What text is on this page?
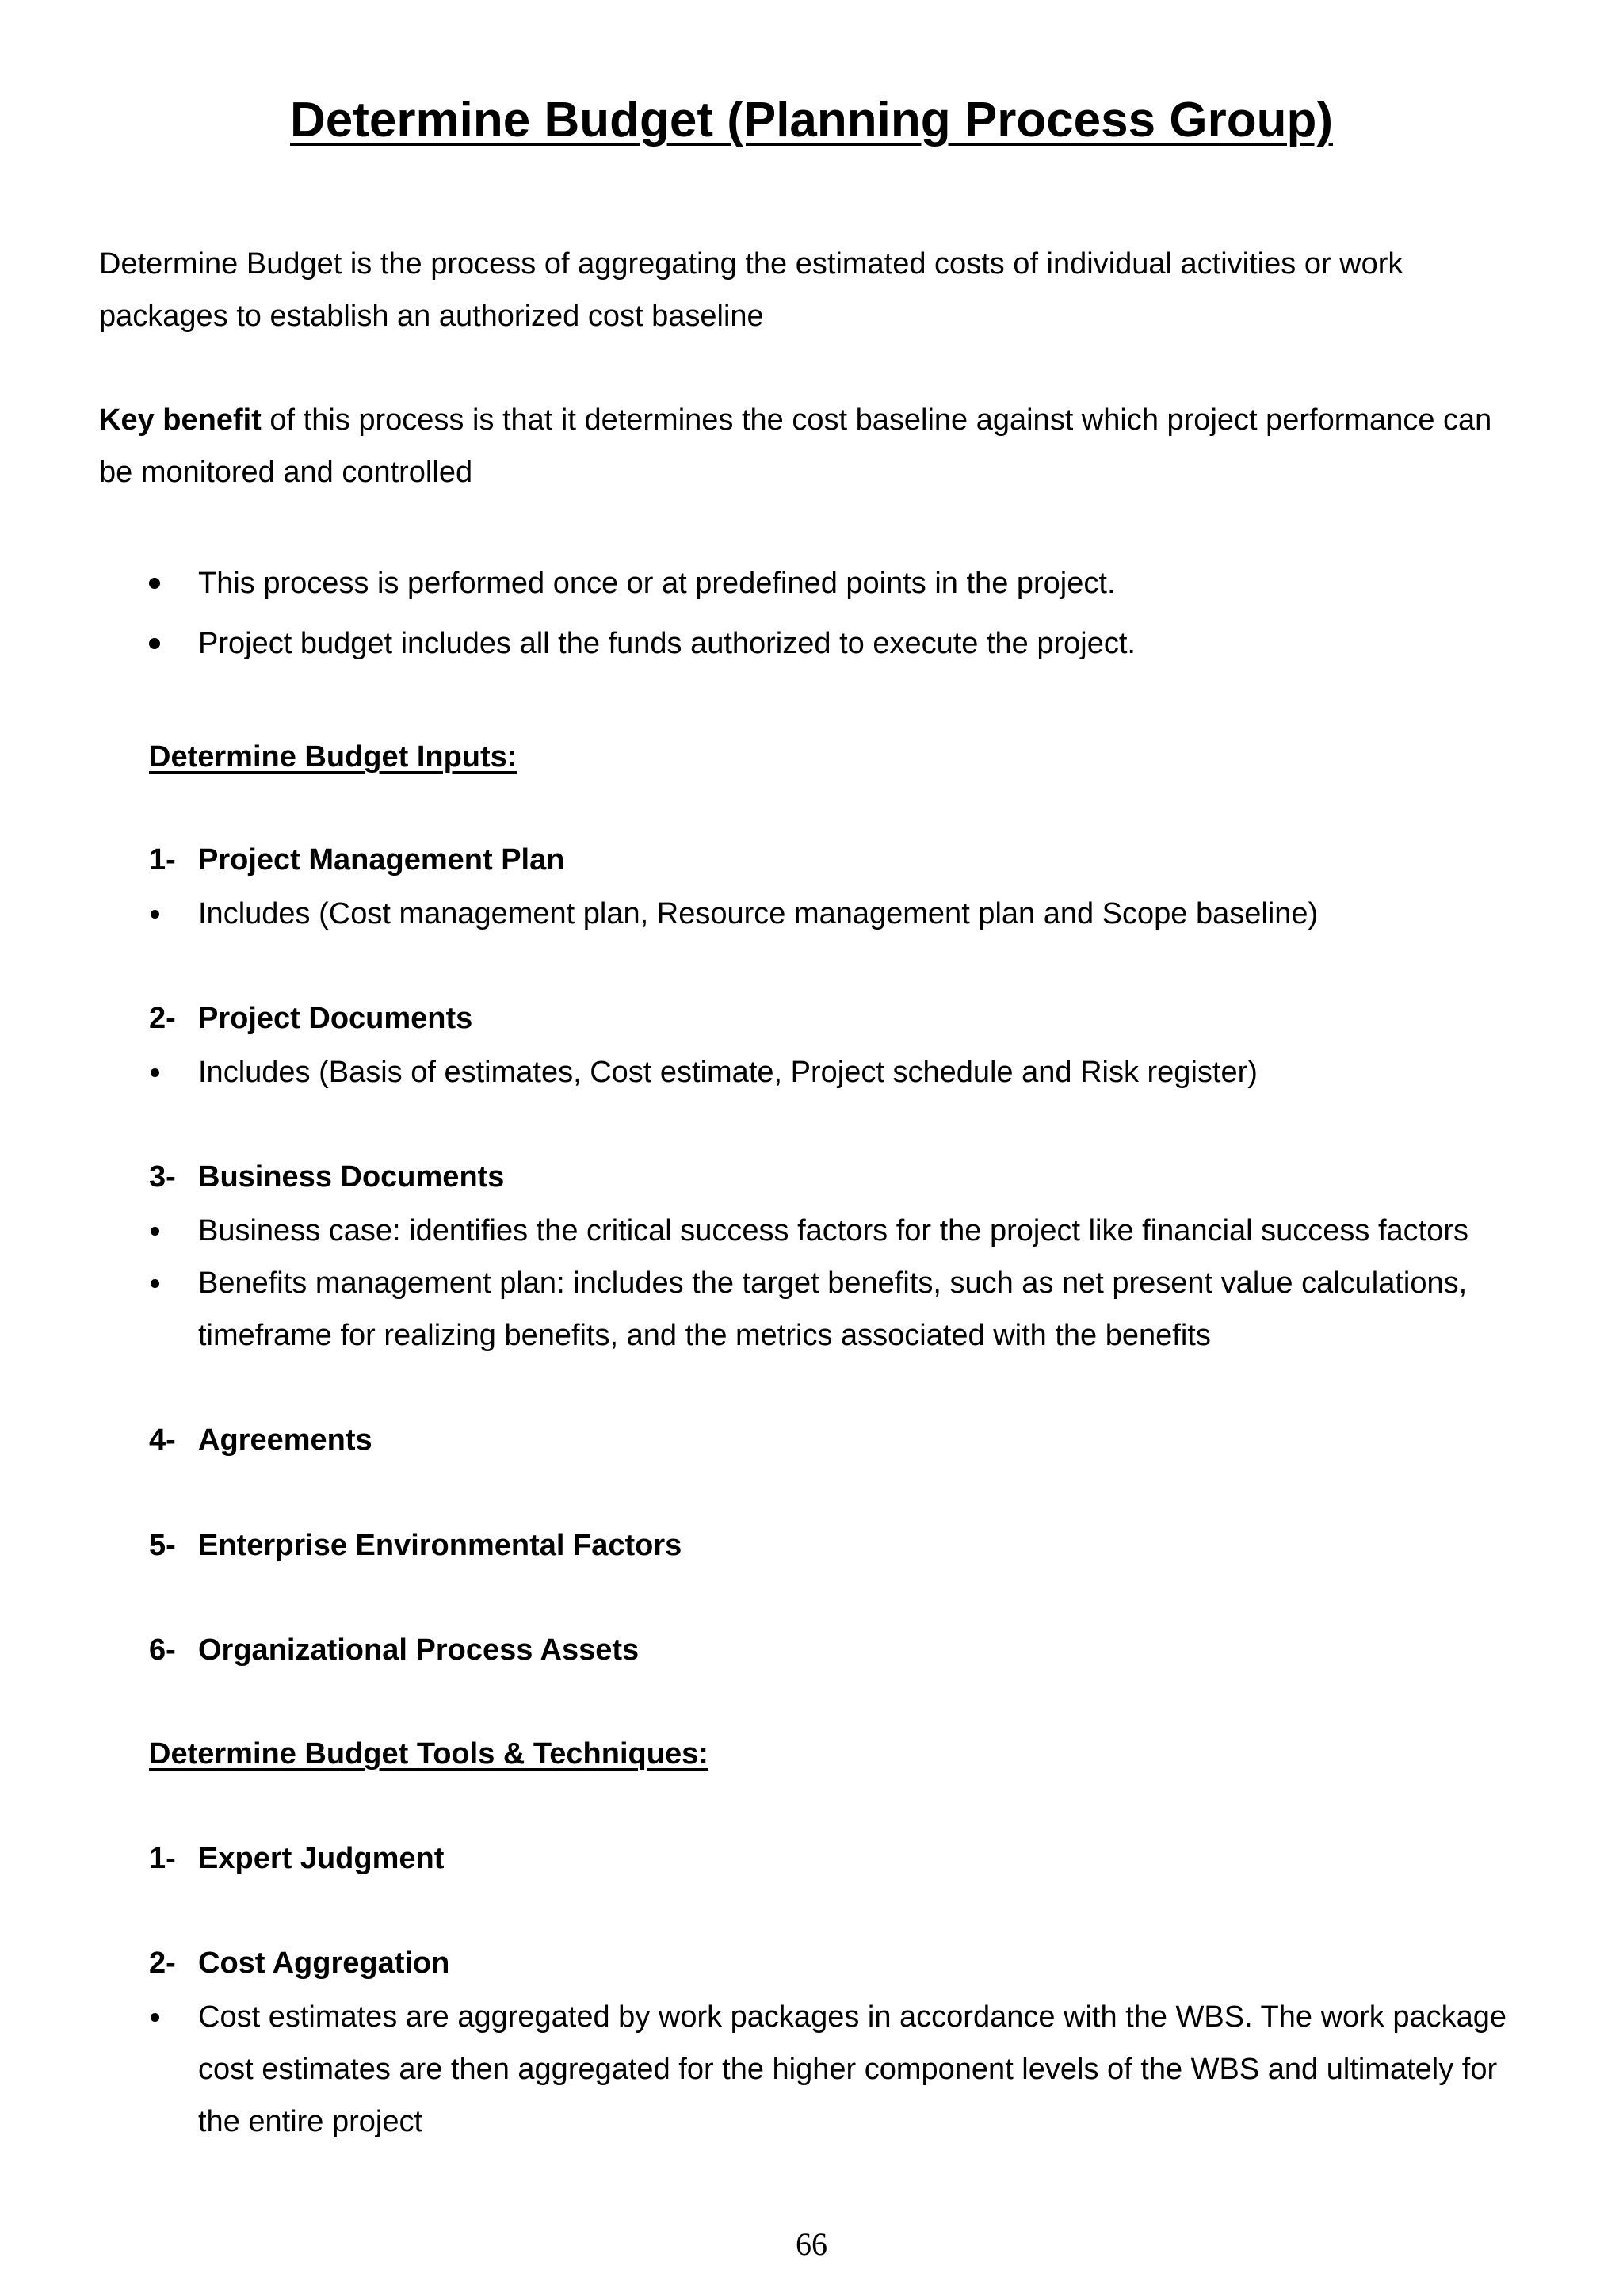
Determine Budget (Planning Process Group)

Determine Budget is the process of aggregating the estimated costs of individual activities or work packages to establish an authorized cost baseline

Key benefit of this process is that it determines the cost baseline against which project performance can be monitored and controlled

This process is performed once or at predefined points in the project.
Project budget includes all the funds authorized to execute the project.
Determine Budget Inputs:

1- Project Management Plan

Includes (Cost management plan, Resource management plan and Scope baseline)

2- Project Documents

Includes (Basis of estimates, Cost estimate, Project schedule and Risk register)

3- Business Documents

Business case: identifies the critical success factors for the project like financial success factors
Benefits management plan: includes the target benefits, such as net present value calculations, timeframe for realizing benefits, and the metrics associated with the benefits

4- Agreements

5- Enterprise Environmental Factors

6- Organizational Process Assets

Determine Budget Tools & Techniques:

1- Expert Judgment

2- Cost Aggregation

Cost estimates are aggregated by work packages in accordance with the WBS. The work package cost estimates are then aggregated for the higher component levels of the WBS and ultimately for the entire project

66
